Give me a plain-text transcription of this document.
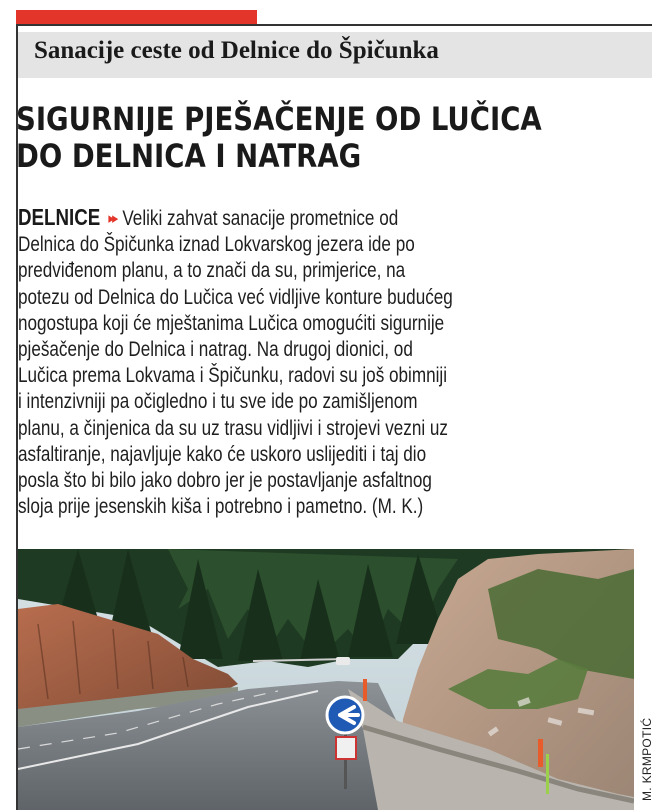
Sanacije ceste od Delnice do Špičunka
SIGURNIJE PJEŠAČENJE OD LUČICA
DO DELNICA I NATRAG
DELNICE ▸▸ Veliki zahvat sanacije prometnice od
Delnica do Špičunka iznad Lokvarskog jezera ide po
predviđenom planu, a to znači da su, primjerice, na
potezu od Delnica do Lučica već vidljive konture budućeg
nogostupa koji će mještanima Lučica omogućiti sigurnije
pješačenje do Delnica i natrag. Na drugoj dionici, od
Lučica prema Lokvama i Špičunku, radovi su još obimniji
i intenzivniji pa očigledno i tu sve ide po zamišljenom
planu, a činjenica da su uz trasu vidljivi i strojevi vezni uz
asfaltiranje, najavljuje kako će uskoro uslijediti i taj dio
posla što bi bilo jako dobro jer je postavljanje asfaltnog
sloja prije jesenskih kiša i potrebno i pametno. (M. K.)
M. KRMPOTIĆ
